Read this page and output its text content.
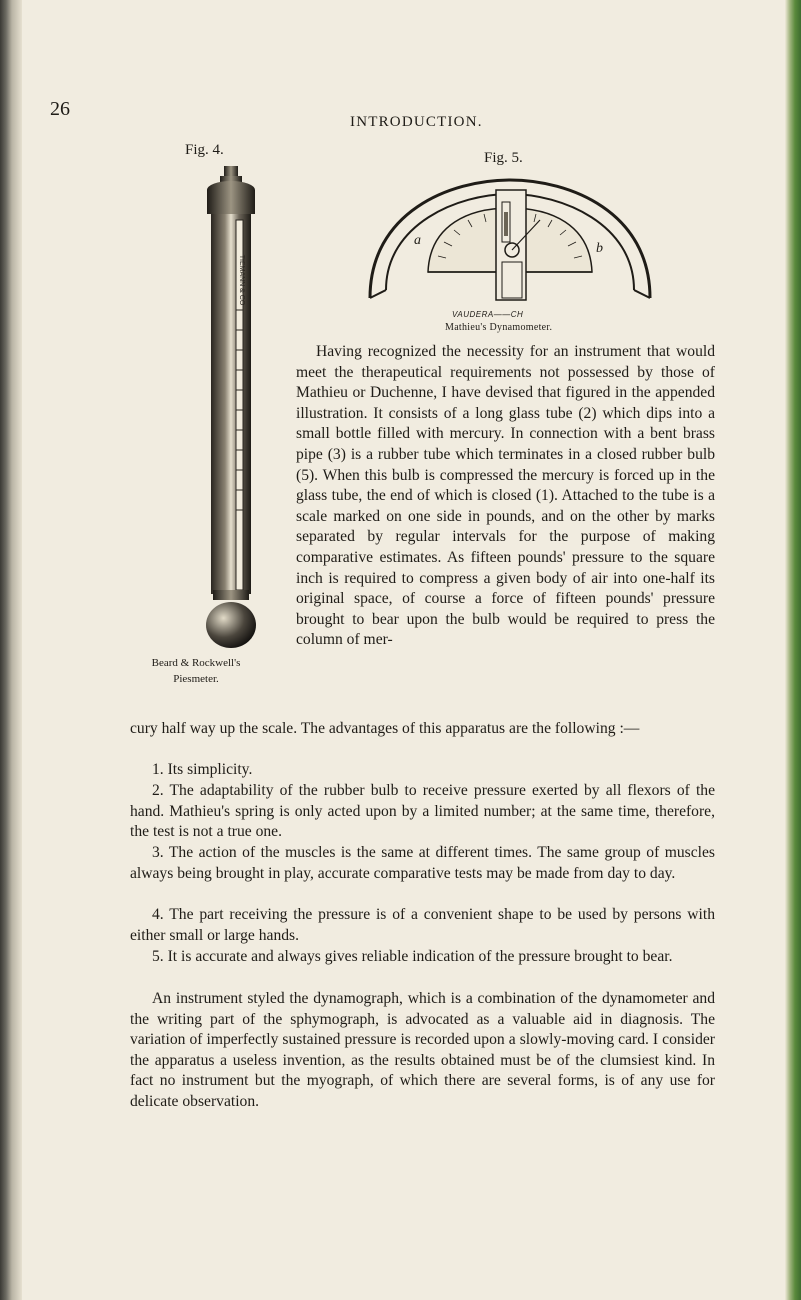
26
INTRODUCTION.
Fig. 4.	Fig. 5.
TIEMANN & CO
a
b
VAUDERA——CH
Mathieu's Dynamometer.
Having recognized the necessity for an instrument that would meet the therapeutical requirements not possessed by those of Mathieu or Duchenne, I have devised that figured in the appended illustration. It consists of a long glass tube (2) which dips into a small bottle filled with mercury. In connection with a bent brass pipe (3) is a rubber tube which terminates in a closed rubber bulb (5). When this bulb is compressed the mercury is forced up in the glass tube, the end of which is closed (1). Attached to the tube is a scale marked on one side in pounds, and on the other by marks separated by regular intervals for the purpose of making comparative estimates. As fifteen pounds' pressure to the square inch is required to compress a given body of air into one-half its original space, of course a force of fifteen pounds' pressure brought to bear upon the bulb would be required to press the column of mer-
Beard & Rockwell's
Piesmeter.
cury half way up the scale. The advantages of this apparatus are the following :—
1. Its simplicity.
2. The adaptability of the rubber bulb to receive pressure exerted by all flexors of the hand. Mathieu's spring is only acted upon by a limited number; at the same time, therefore, the test is not a true one.
3. The action of the muscles is the same at different times. The same group of muscles always being brought in play, accurate comparative tests may be made from day to day.
4. The part receiving the pressure is of a convenient shape to be used by persons with either small or large hands.
5. It is accurate and always gives reliable indication of the pressure brought to bear.
An instrument styled the dynamograph, which is a combination of the dynamometer and the writing part of the sphymograph, is advocated as a valuable aid in diagnosis. The variation of imperfectly sustained pressure is recorded upon a slowly-moving card. I consider the apparatus a useless invention, as the results obtained must be of the clumsiest kind. In fact no instrument but the myograph, of which there are several forms, is of any use for delicate observation.
